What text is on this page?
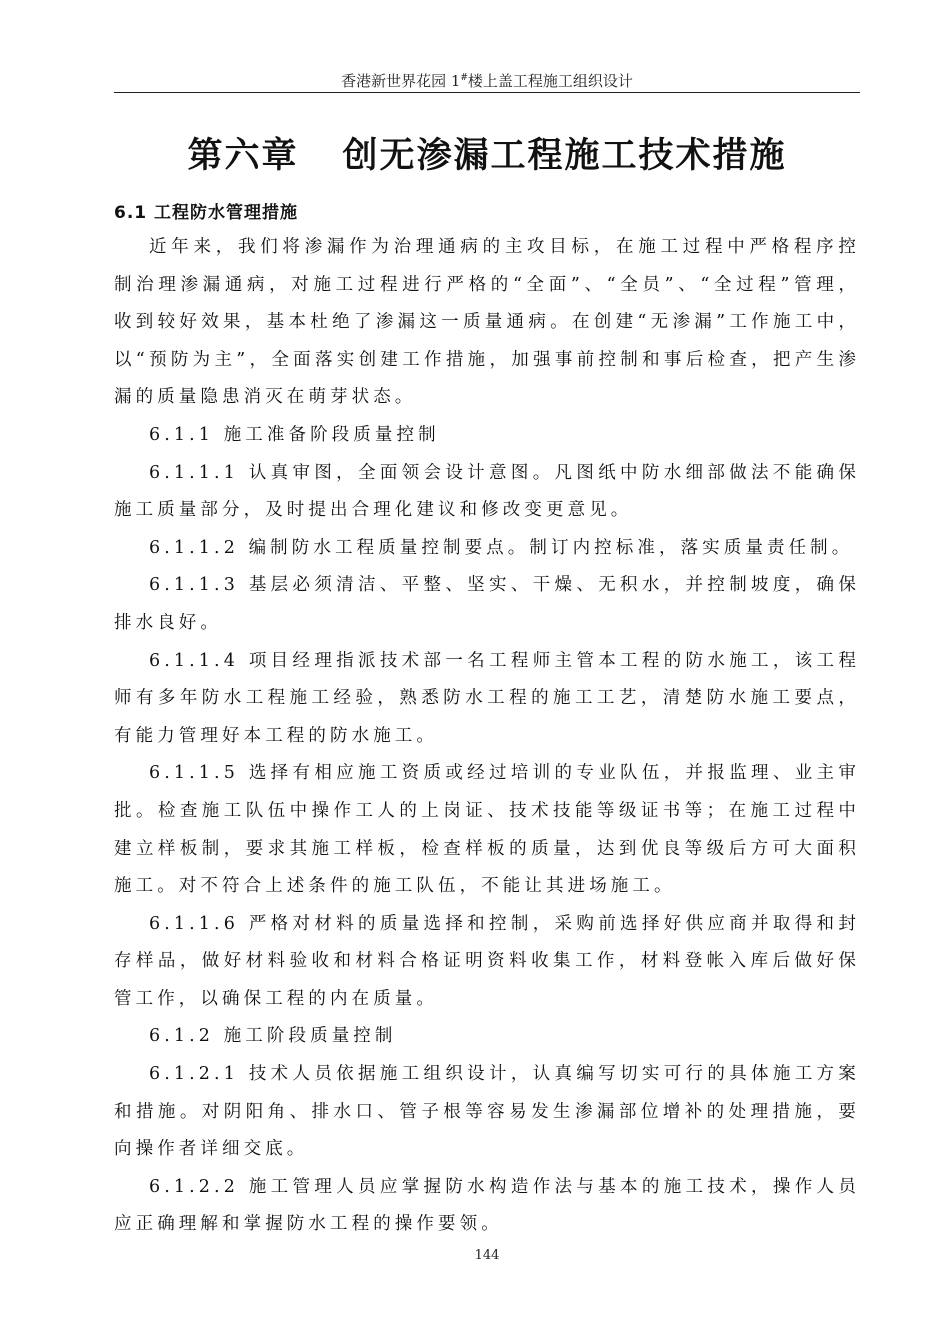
香港新世界花园 1#楼上盖工程施工组织设计
第六章 创无渗漏工程施工技术措施
6.1 工程防水管理措施

近年来，我们将渗漏作为治理通病的主攻目标，在施工过程中严格程序控制治理渗漏通病，对施工过程进行严格的“全面”、“全员”、“全过程”管理，收到较好效果，基本杜绝了渗漏这一质量通病。在创建“无渗漏”工作施工中，以“预防为主”，全面落实创建工作措施，加强事前控制和事后检查，把产生渗漏的质量隐患消灭在萌芽状态。

6.1.1 施工准备阶段质量控制

6.1.1.1 认真审图，全面领会设计意图。凡图纸中防水细部做法不能确保施工质量部分，及时提出合理化建议和修改变更意见。

6.1.1.2 编制防水工程质量控制要点。制订内控标准，落实质量责任制。

6.1.1.3 基层必须清洁、平整、坚实、干燥、无积水，并控制坡度，确保排水良好。

6.1.1.4 项目经理指派技术部一名工程师主管本工程的防水施工，该工程师有多年防水工程施工经验，熟悉防水工程的施工工艺，清楚防水施工要点，有能力管理好本工程的防水施工。

6.1.1.5 选择有相应施工资质或经过培训的专业队伍，并报监理、业主审批。检查施工队伍中操作工人的上岗证、技术技能等级证书等；在施工过程中建立样板制，要求其施工样板，检查样板的质量，达到优良等级后方可大面积施工。对不符合上述条件的施工队伍，不能让其进场施工。

6.1.1.6 严格对材料的质量选择和控制，采购前选择好供应商并取得和封存样品，做好材料验收和材料合格证明资料收集工作，材料登帐入库后做好保管工作，以确保工程的内在质量。

6.1.2 施工阶段质量控制

6.1.2.1 技术人员依据施工组织设计，认真编写切实可行的具体施工方案和措施。对阴阳角、排水口、管子根等容易发生渗漏部位增补的处理措施，要向操作者详细交底。

6.1.2.2 施工管理人员应掌握防水构造作法与基本的施工技术，操作人员应正确理解和掌握防水工程的操作要领。

144
